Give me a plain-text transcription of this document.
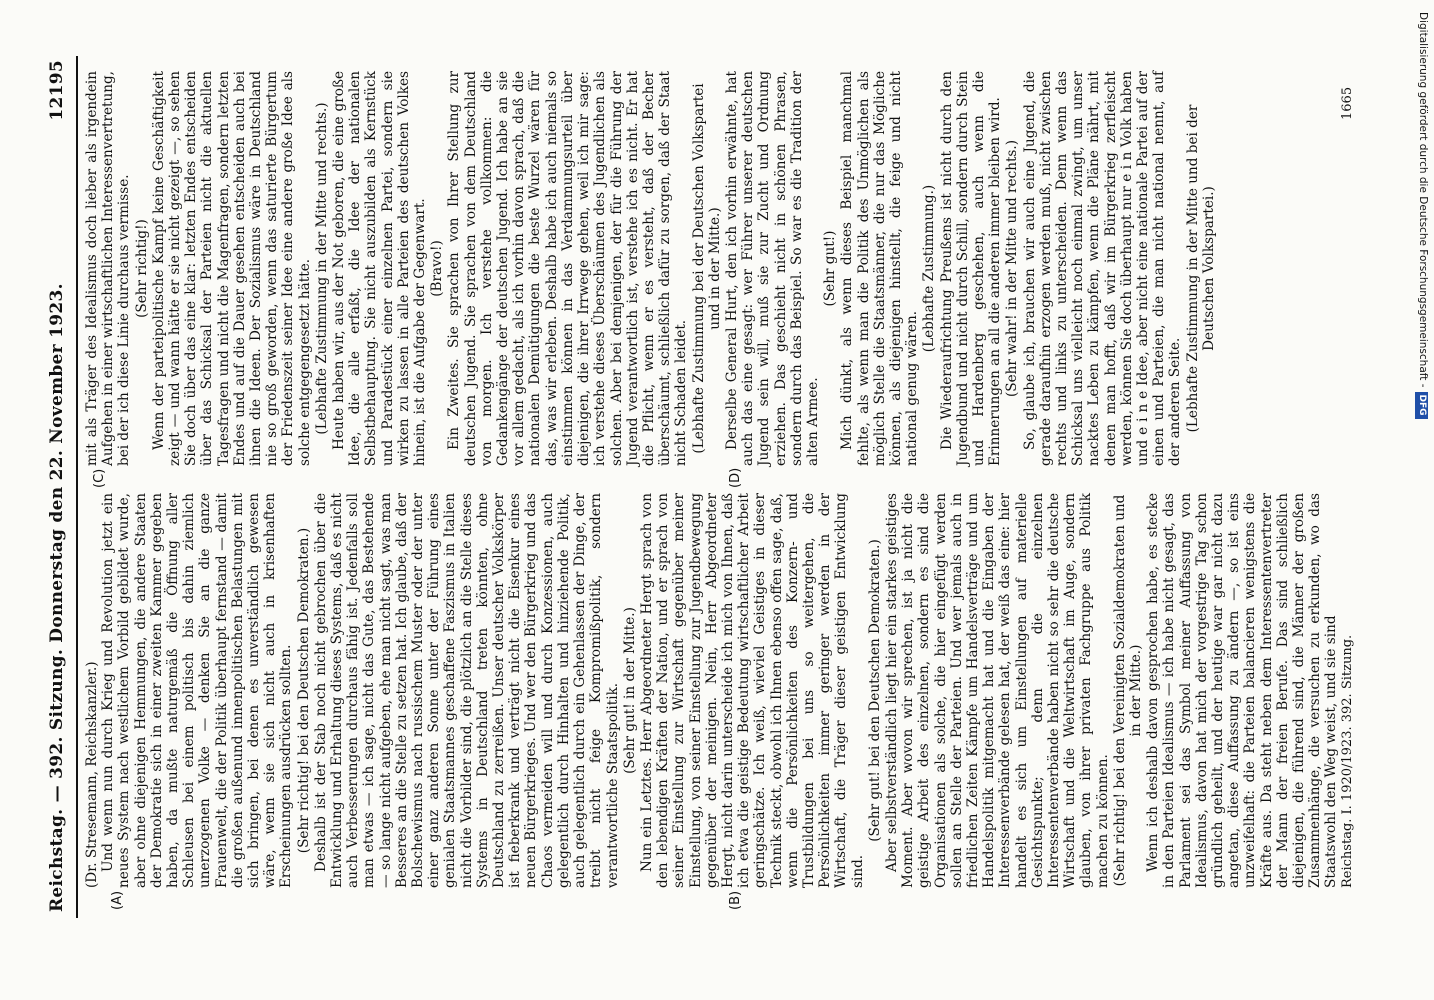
Reichstag. — 392. Sitzung. Donnerstag den 22. November 1923.
12195
(A)	(B)
(C)	(D)

(Dr. Stresemann, Reichskanzler.) Und wenn nun durch Krieg und Revolution jetzt ein neues System nach westlichem Vorbild gebildet wurde, aber ohne diejenigen Hemmungen, die andere Staaten der Demokratie sich in einer zweiten Kammer gegeben haben, da mußte naturgemäß die Öffnung aller Schleusen bei einem politisch bis dahin ziemlich unerzogenen Volke — denken Sie an die ganze Frauenwelt, die der Politik überhaupt fernstand — damit die großen außenund innenpolitischen Belastungen mit sich bringen, bei denen es unverständlich gewesen wäre, wenn sie sich nicht auch in krisenhaften Erscheinungen ausdrücken sollten. (Sehr richtig! bei den Deutschen Demokraten.) Deshalb ist der Stab noch nicht gebrochen über die Entwicklung und Erhaltung dieses Systems, daß es nicht auch Verbesserungen durchaus fähig ist. Jedenfalls soll man etwas — ich sage, nicht das Gute, das Bestehende — so lange nicht aufgeben, ehe man nicht sagt, was man Besseres an die Stelle zu setzen hat. Ich glaube, daß der Bolschewismus nach russischem Muster oder der unter einer ganz anderen Sonne unter der Führung eines genialen Staatsmannes geschaffene Faszismus in Italien nicht die Vorbilder sind, die plötzlich an die Stelle dieses Systems in Deutschland treten könnten, ohne Deutschland zu zerreißen. Unser deutscher Volkskörper ist fieberkrank und verträgt nicht die Eisenkur eines neuen Bürgerkrieges. Und wer den Bürgerkrieg und das Chaos vermeiden will und durch Konzessionen, auch gelegentlich durch Hinhalten und hinziehende Politik, auch gelegentlich durch ein Gehenlassen der Dinge, der treibt nicht feige Kompromißpolitik, sondern verantwortliche Staatspolitik. (Sehr gut! in der Mitte.) Nun ein Letztes. Herr Abgeordneter Hergt sprach von den lebendigen Kräften der Nation, und er sprach von seiner Einstellung zur Wirtschaft gegenüber meiner Einstellung, von seiner Einstellung zur Jugendbewegung gegenüber der meinigen. Nein, Herr Abgeordneter Hergt, nicht darin unterscheide ich mich von Ihnen, daß ich etwa die geistige Bedeutung wirtschaftlicher Arbeit geringschätze. Ich weiß, wieviel Geistiges in dieser Technik steckt, obwohl ich Ihnen ebenso offen sage, daß, wenn die Persönlichkeiten des Konzern- und Trustbildungen bei uns so weitergehen, die Persönlichkeiten immer geringer werden in der Wirtschaft, die Träger dieser geistigen Entwicklung sind.

(Sehr gut! bei den Deutschen Demokraten.) Aber selbstverständlich liegt hier ein starkes geistiges Moment. Aber wovon wir sprechen, ist ja nicht die geistige Arbeit des einzelnen, sondern es sind die Organisationen als solche, die hier eingefügt werden sollen an Stelle der Parteien. Und wer jemals auch in friedlichen Zeiten Kämpfe um Handelsverträge und um Handelspolitik mitgemacht hat und die Eingaben der Interessenverbände gelesen hat, der weiß das eine: hier handelt es sich um Einstellungen auf materielle Gesichtspunkte; denn die einzelnen Interessentenverbände haben nicht so sehr die deutsche Wirtschaft und die Weltwirtschaft im Auge, sondern glauben, von ihrer privaten Fachgruppe aus Politik machen zu können. (Sehr richtig! bei den Vereinigten Sozialdemokraten und in der Mitte.) Wenn ich deshalb davon gesprochen habe, es stecke in den Parteien Idealismus — ich habe nicht gesagt, das Parlament sei das Symbol meiner Auffassung von Idealismus, davon hat mich der vorgestrige Tag schon gründlich geheilt, und der heutige war gar nicht dazu angetan, diese Auffassung zu ändern —, so ist eins unzweifelhaft: die Parteien balancieren wenigstens die Kräfte aus. Da steht neben dem Interessentenvertreter der Mann der freien Berufe. Das sind schließlich diejenigen, die führend sind, die Männer der großen Zusammenhänge, die versuchen zu erkunden, wo das Staatswohl den Weg weist, und sie sind

mit als Träger des Idealismus doch lieber als irgendein Aufgehen in einer wirtschaftlichen Interessenvertretung, bei der ich diese Linie durchaus vermisse. (Sehr richtig!) Wenn der parteipolitische Kampf keine Geschäftigkeit zeigt — und wann hätte er sie nicht gezeigt —, so sehen Sie doch über das eine klar: letzten Endes entscheiden über das Schicksal der Parteien nicht die aktuellen Tagesfragen und nicht die Magenfragen, sondern letzten Endes und auf die Dauer gesehen entscheiden auch bei ihnen die Ideen. Der Sozialismus wäre in Deutschland nie so groß geworden, wenn das saturierte Bürgertum der Friedenszeit seiner Idee eine andere große Idee als solche entgegengesetzt hätte. (Lebhafte Zustimmung in der Mitte und rechts.) Heute haben wir, aus der Not geboren, die eine große Idee, die alle erfaßt, die Idee der nationalen Selbstbehauptung. Sie nicht auszubilden als Kernstück und Paradestück einer einzelnen Partei, sondern sie wirken zu lassen in alle Parteien des deutschen Volkes hinein, ist die Aufgabe der Gegenwart. (Bravo!) Ein Zweites. Sie sprachen von Ihrer Stellung zur deutschen Jugend. Sie sprachen von dem Deutschland von morgen. Ich verstehe vollkommen: die Gedankengänge der deutschen Jugend. Ich habe an sie vor allem gedacht, als ich vorhin davon sprach, daß die nationalen Demütigungen die beste Wurzel wären für das, was wir erleben. Deshalb habe ich auch niemals so einstimmen können in das Verdammungsurteil über diejenigen, die ihrer Irrwege gehen, weil ich mir sage: ich verstehe dieses Überschäumen des Jugendlichen als solchen. Aber bei demjenigen, der für die Führung der Jugend verantwortlich ist, verstehe ich es nicht. Er hat die Pflicht, wenn er es versteht, daß der Becher überschäumt, schließlich dafür zu sorgen, daß der Staat nicht Schaden leidet. (Lebhafte Zustimmung bei der Deutschen Volkspartei und in der Mitte.) Derselbe General Hurt, den ich vorhin erwähnte, hat auch das eine gesagt: wer Führer unserer deutschen Jugend sein will, muß sie zur Zucht und Ordnung erziehen. Das geschieht nicht in schönen Phrasen, sondern durch das Beispiel. So war es die Tradition der alten Armee.

(Sehr gut!) Mich dünkt, als wenn dieses Beispiel manchmal fehlte, als wenn man die Politik des Unmöglichen als möglich Stelle die Staatsmänner, die nur das Mögliche können, als diejenigen hinstellt, die feige und nicht national genug wären.

(Lebhafte Zustimmung.) Die Wiederaufrichtung Preußens ist nicht durch den Jugendbund und nicht durch Schill, sondern durch Stein und Hardenberg geschehen, auch wenn die Erinnerungen an all die anderen immer bleiben wird. (Sehr wahr! in der Mitte und rechts.) So, glaube ich, brauchen wir auch eine Jugend, die gerade daraufhin erzogen werden muß, nicht zwischen rechts und links zu unterscheiden. Denn wenn das Schicksal uns vielleicht noch einmal zwingt, um unser nacktes Leben zu kämpfen, wenn die Pläne nährt, mit denen man hofft, daß wir im Bürgerkrieg zerfleischt werden, können Sie doch überhaupt nur e i n Volk haben und e i n e Idee, aber nicht eine nationale Partei auf der einen und Parteien, die man nicht national nennt, auf der anderen Seite. (Lebhafte Zustimmung in der Mitte und bei der Deutschen Volkspartei.)

Reichstag. I. 1920/1923. 392. Sitzung.
1665	Digitalisierung gefördert durch die Deutsche Forschungsgemeinschaft -DFG
